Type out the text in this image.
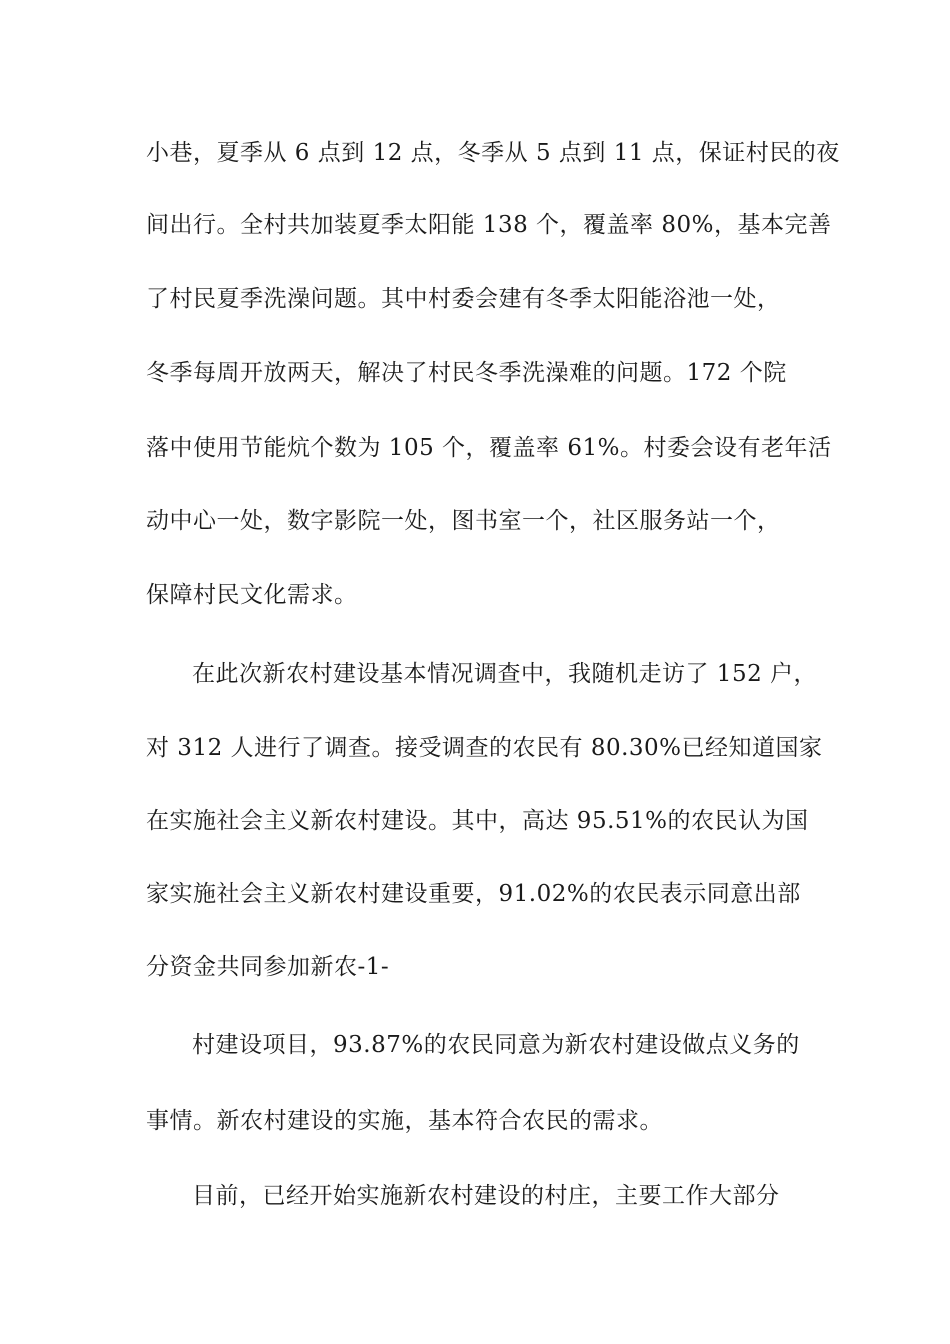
小巷，夏季从 6 点到 12 点，冬季从 5 点到 11 点，保证村民的夜
间出行。全村共加装夏季太阳能 138 个，覆盖率 80%，基本完善
了村民夏季洗澡问题。其中村委会建有冬季太阳能浴池一处，
冬季每周开放两天，解决了村民冬季洗澡难的问题。172 个院
落中使用节能炕个数为 105 个，覆盖率 61%。村委会设有老年活
动中心一处，数字影院一处，图书室一个，社区服务站一个，
保障村民文化需求。
在此次新农村建设基本情况调查中，我随机走访了 152 户，
对 312 人进行了调查。接受调查的农民有 80.30%已经知道国家
在实施社会主义新农村建设。其中，高达 95.51%的农民认为国
家实施社会主义新农村建设重要，91.02%的农民表示同意出部
分资金共同参加新农-1-
村建设项目，93.87%的农民同意为新农村建设做点义务的
事情。新农村建设的实施，基本符合农民的需求。
目前，已经开始实施新农村建设的村庄，主要工作大部分
